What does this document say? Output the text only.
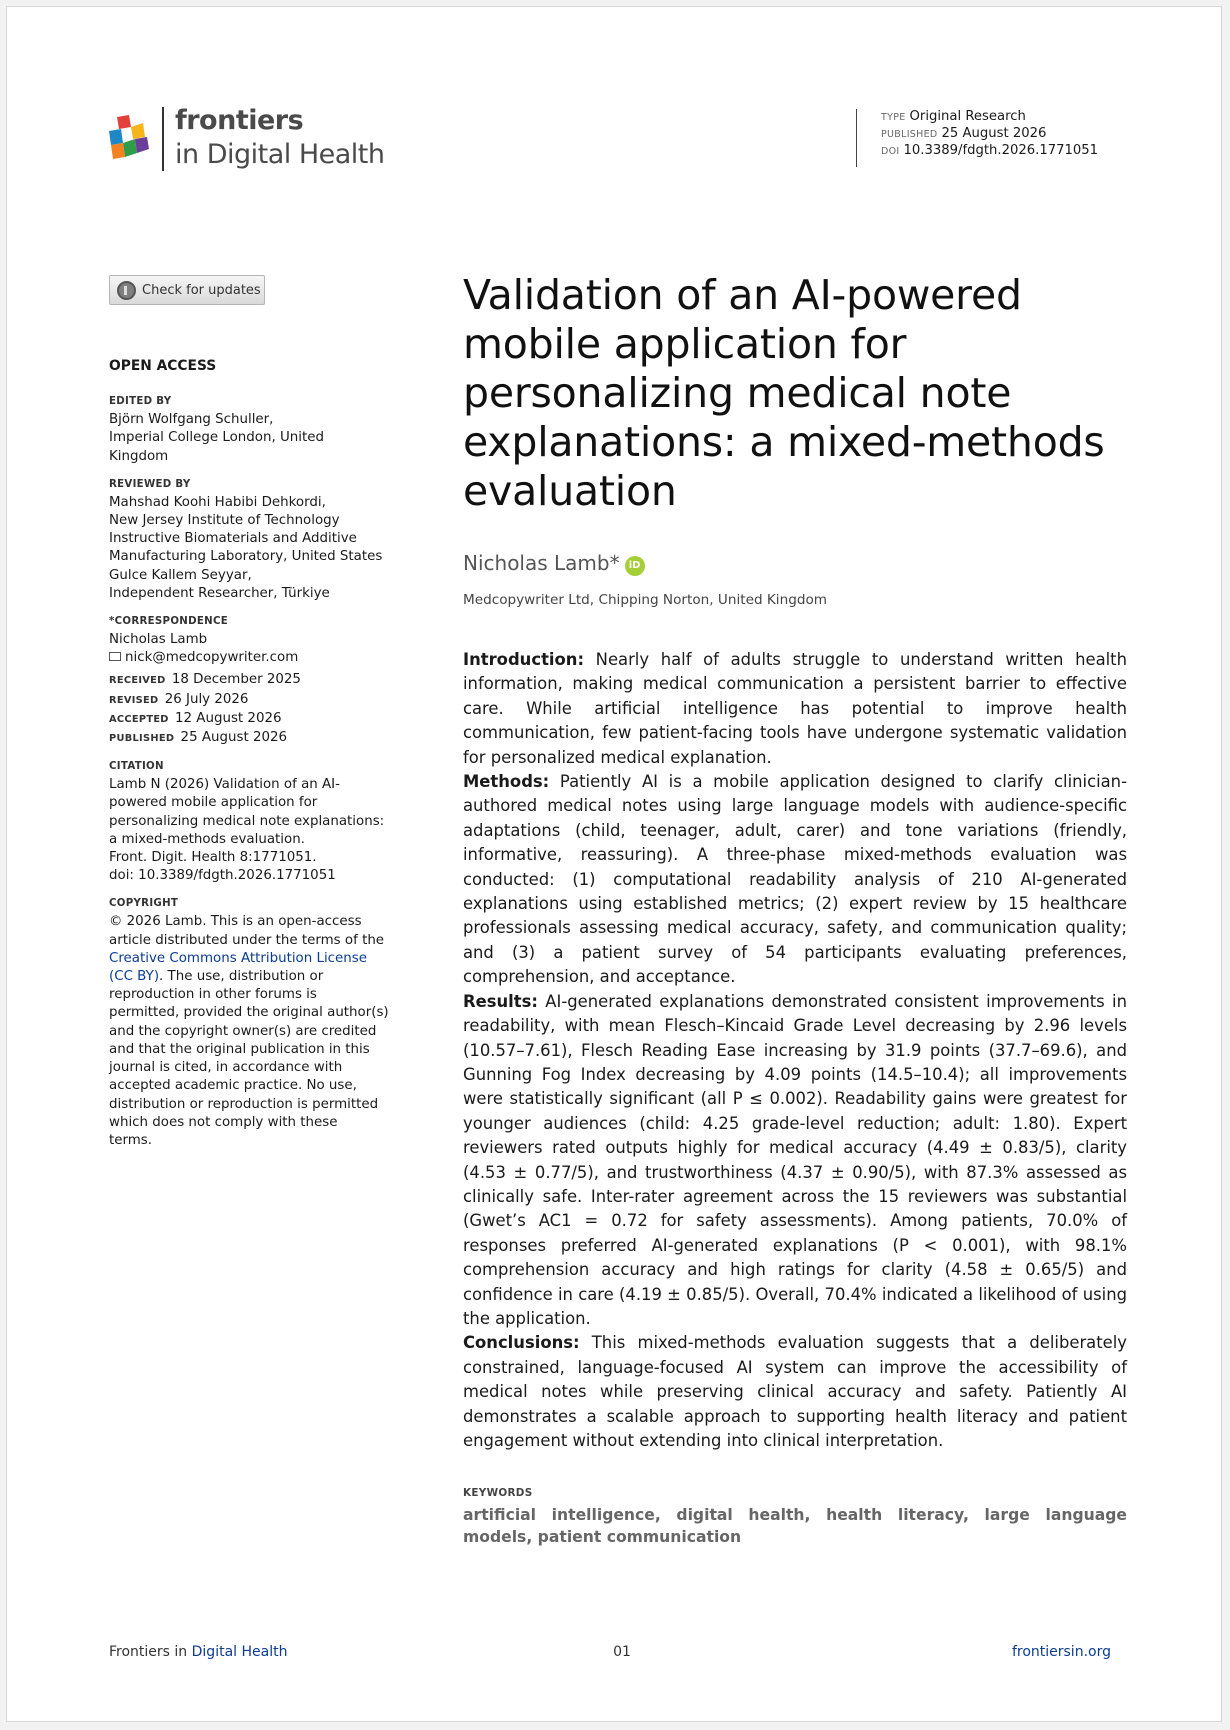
frontiers
in Digital Health
TYPE Original Research
PUBLISHED 25 August 2026
DOI 10.3389/fdgth.2026.1771051
Check for updates
OPEN ACCESS
EDITED BY
Björn Wolfgang Schuller,
Imperial College London, United
Kingdom
REVIEWED BY
Mahshad Koohi Habibi Dehkordi,
New Jersey Institute of Technology
Instructive Biomaterials and Additive
Manufacturing Laboratory, United States
Gulce Kallem Seyyar,
Independent Researcher, Türkiye
*CORRESPONDENCE
Nicholas Lamb
nick@medcopywriter.com
RECEIVED 18 December 2025
REVISED 26 July 2026
ACCEPTED 12 August 2026
PUBLISHED 25 August 2026
CITATION
Lamb N (2026) Validation of an AI-
powered mobile application for
personalizing medical note explanations:
a mixed-methods evaluation.
Front. Digit. Health 8:1771051.
doi: 10.3389/fdgth.2026.1771051
COPYRIGHT
© 2026 Lamb. This is an open-access
article distributed under the terms of the
Creative Commons Attribution License
(CC BY). The use, distribution or
reproduction in other forums is
permitted, provided the original author(s)
and the copyright owner(s) are credited
and that the original publication in this
journal is cited, in accordance with
accepted academic practice. No use,
distribution or reproduction is permitted
which does not comply with these
terms.
Validation of an AI-powered mobile application for personalizing medical note explanations: a mixed-methods evaluation
Nicholas Lamb* iD
Medcopywriter Ltd, Chipping Norton, United Kingdom

Introduction: Nearly half of adults struggle to understand written health information, making medical communication a persistent barrier to effective care. While artificial intelligence has potential to improve health communication, few patient-facing tools have undergone systematic validation for personalized medical explanation.

Methods: Patiently AI is a mobile application designed to clarify clinician-authored medical notes using large language models with audience-specific adaptations (child, teenager, adult, carer) and tone variations (friendly, informative, reassuring). A three-phase mixed-methods evaluation was conducted: (1) computational readability analysis of 210 AI-generated explanations using established metrics; (2) expert review by 15 healthcare professionals assessing medical accuracy, safety, and communication quality; and (3) a patient survey of 54 participants evaluating preferences, comprehension, and acceptance.

Results: AI-generated explanations demonstrated consistent improvements in readability, with mean Flesch–Kincaid Grade Level decreasing by 2.96 levels (10.57–7.61), Flesch Reading Ease increasing by 31.9 points (37.7–69.6), and Gunning Fog Index decreasing by 4.09 points (14.5–10.4); all improvements were statistically significant (all P ≤ 0.002). Readability gains were greatest for younger audiences (child: 4.25 grade-level reduction; adult: 1.80). Expert reviewers rated outputs highly for medical accuracy (4.49 ± 0.83/5), clarity (4.53 ± 0.77/5), and trustworthiness (4.37 ± 0.90/5), with 87.3% assessed as clinically safe. Inter-rater agreement across the 15 reviewers was substantial (Gwet’s AC1 = 0.72 for safety assessments). Among patients, 70.0% of responses preferred AI-generated explanations (P < 0.001), with 98.1% comprehension accuracy and high ratings for clarity (4.58 ± 0.65/5) and confidence in care (4.19 ± 0.85/5). Overall, 70.4% indicated a likelihood of using the application.

Conclusions: This mixed-methods evaluation suggests that a deliberately constrained, language-focused AI system can improve the accessibility of medical notes while preserving clinical accuracy and safety. Patiently AI demonstrates a scalable approach to supporting health literacy and patient engagement without extending into clinical interpretation.

KEYWORDS
artificial intelligence, digital health, health literacy, large language models, patient communication
Frontiers in Digital Health	01	frontiersin.org
